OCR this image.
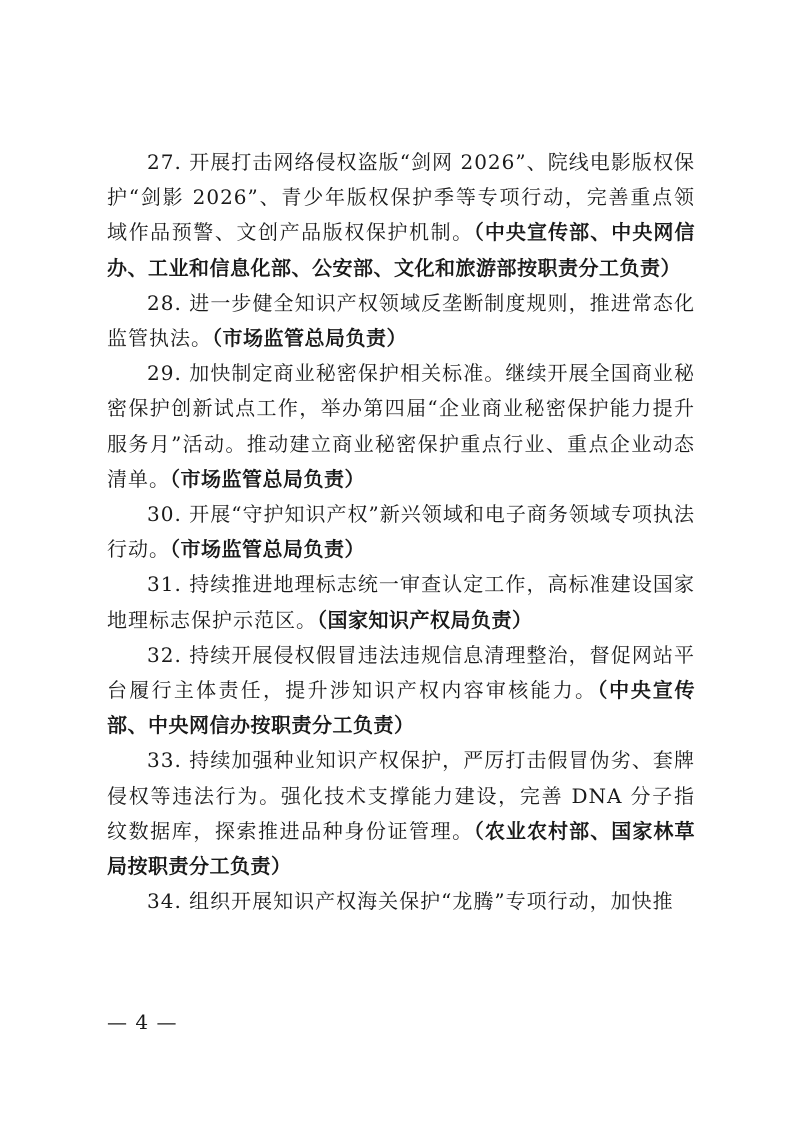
27. 开展打击网络侵权盗版“剑网 2026”、院线电影版权保护“剑影 2026”、青少年版权保护季等专项行动，完善重点领域作品预警、文创产品版权保护机制。（中央宣传部、中央网信办、工业和信息化部、公安部、文化和旅游部按职责分工负责）

28. 进一步健全知识产权领域反垄断制度规则，推进常态化监管执法。（市场监管总局负责）

29. 加快制定商业秘密保护相关标准。继续开展全国商业秘密保护创新试点工作，举办第四届“企业商业秘密保护能力提升服务月”活动。推动建立商业秘密保护重点行业、重点企业动态清单。（市场监管总局负责）

30. 开展“守护知识产权”新兴领域和电子商务领域专项执法行动。（市场监管总局负责）

31. 持续推进地理标志统一审查认定工作，高标准建设国家地理标志保护示范区。（国家知识产权局负责）

32. 持续开展侵权假冒违法违规信息清理整治，督促网站平台履行主体责任，提升涉知识产权内容审核能力。（中央宣传部、中央网信办按职责分工负责）

33. 持续加强种业知识产权保护，严厉打击假冒伪劣、套牌侵权等违法行为。强化技术支撑能力建设，完善 DNA 分子指纹数据库，探索推进品种身份证管理。（农业农村部、国家林草局按职责分工负责）

34. 组织开展知识产权海关保护“龙腾”专项行动，加快推

— 4 —
